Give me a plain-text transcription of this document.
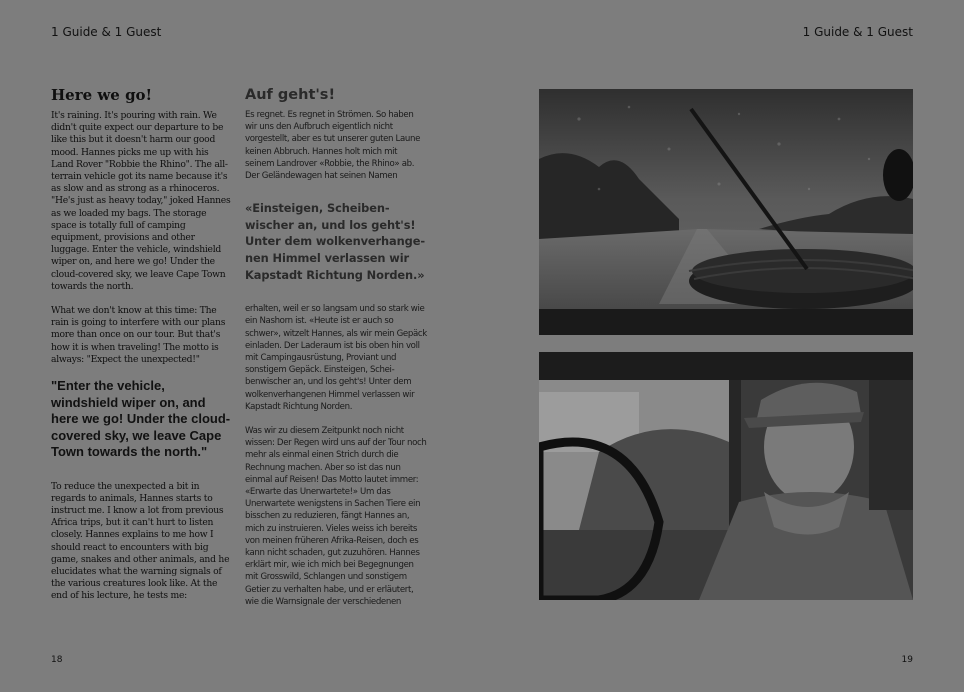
1 Guide & 1 Guest	1 Guide & 1 Guest
Here we go!

It's raining. It's pouring with rain. We didn't quite expect our departure to be like this but it doesn't harm our good mood. Hannes picks me up with his Land Rover "Robbie the Rhino". The all-terrain vehicle got its name because it's as slow and as strong as a rhinoceros. "He's just as heavy today," joked Hannes as we loaded my bags. The storage space is totally full of camping equipment, provisions and other luggage. Enter the vehicle, windshield wiper on, and here we go! Under the cloud-covered sky, we leave Cape Town towards the north.

What we don't know at this time: The rain is going to interfere with our plans more than once on our tour. But that's how it is when traveling! The motto is always: "Expect the unexpected!"

"Enter the vehicle, windshield wiper on, and here we go! Under the cloud-covered sky, we leave Cape Town towards the north."

To reduce the unexpected a bit in regards to animals, Hannes starts to instruct me. I know a lot from previous Africa trips, but it can't hurt to listen closely. Hannes explains to me how I should react to encounters with big game, snakes and other animals, and he elucidates what the warning signals of the various creatures look like. At the end of his lecture, he tests me:

Auf geht's!

Es regnet. Es regnet in Strömen. So haben wir uns den Aufbruch eigentlich nicht vorgestellt, aber es tut unserer guten Laune keinen Abbruch. Hannes holt mich mit seinem Landrover «Robbie, the Rhino» ab. Der Geländewagen hat seinen Namen

«Einsteigen, Scheiben-wischer an, und los geht's! Unter dem wolkenverhange-nen Himmel verlassen wir Kapstadt Richtung Norden.»

erhalten, weil er so langsam und so stark wie ein Nashorn ist. «Heute ist er auch so schwer», witzelt Hannes, als wir mein Gepäck einladen. Der Laderaum ist bis oben hin voll mit Campingausrüstung, Proviant und sonstigem Gepäck. Einsteigen, Schei-benwischer an, und los geht's! Unter dem wolkenverhangenen Himmel verlassen wir Kapstadt Richtung Norden.

Was wir zu diesem Zeitpunkt noch nicht wissen: Der Regen wird uns auf der Tour noch mehr als einmal einen Strich durch die Rechnung machen. Aber so ist das nun einmal auf Reisen! Das Motto lautet immer: «Erwarte das Unerwartete!» Um das Unerwartete wenigstens in Sachen Tiere ein bisschen zu reduzieren, fängt Hannes an, mich zu instruieren. Vieles weiss ich bereits von meinen früheren Afrika-Reisen, doch es kann nicht schaden, gut zuzuhören. Hannes erklärt mir, wie ich mich bei Begegnungen mit Grosswild, Schlangen und sonstigem Getier zu verhalten habe, und er erläutert, wie die Warnsignale der verschiedenen

18	19
